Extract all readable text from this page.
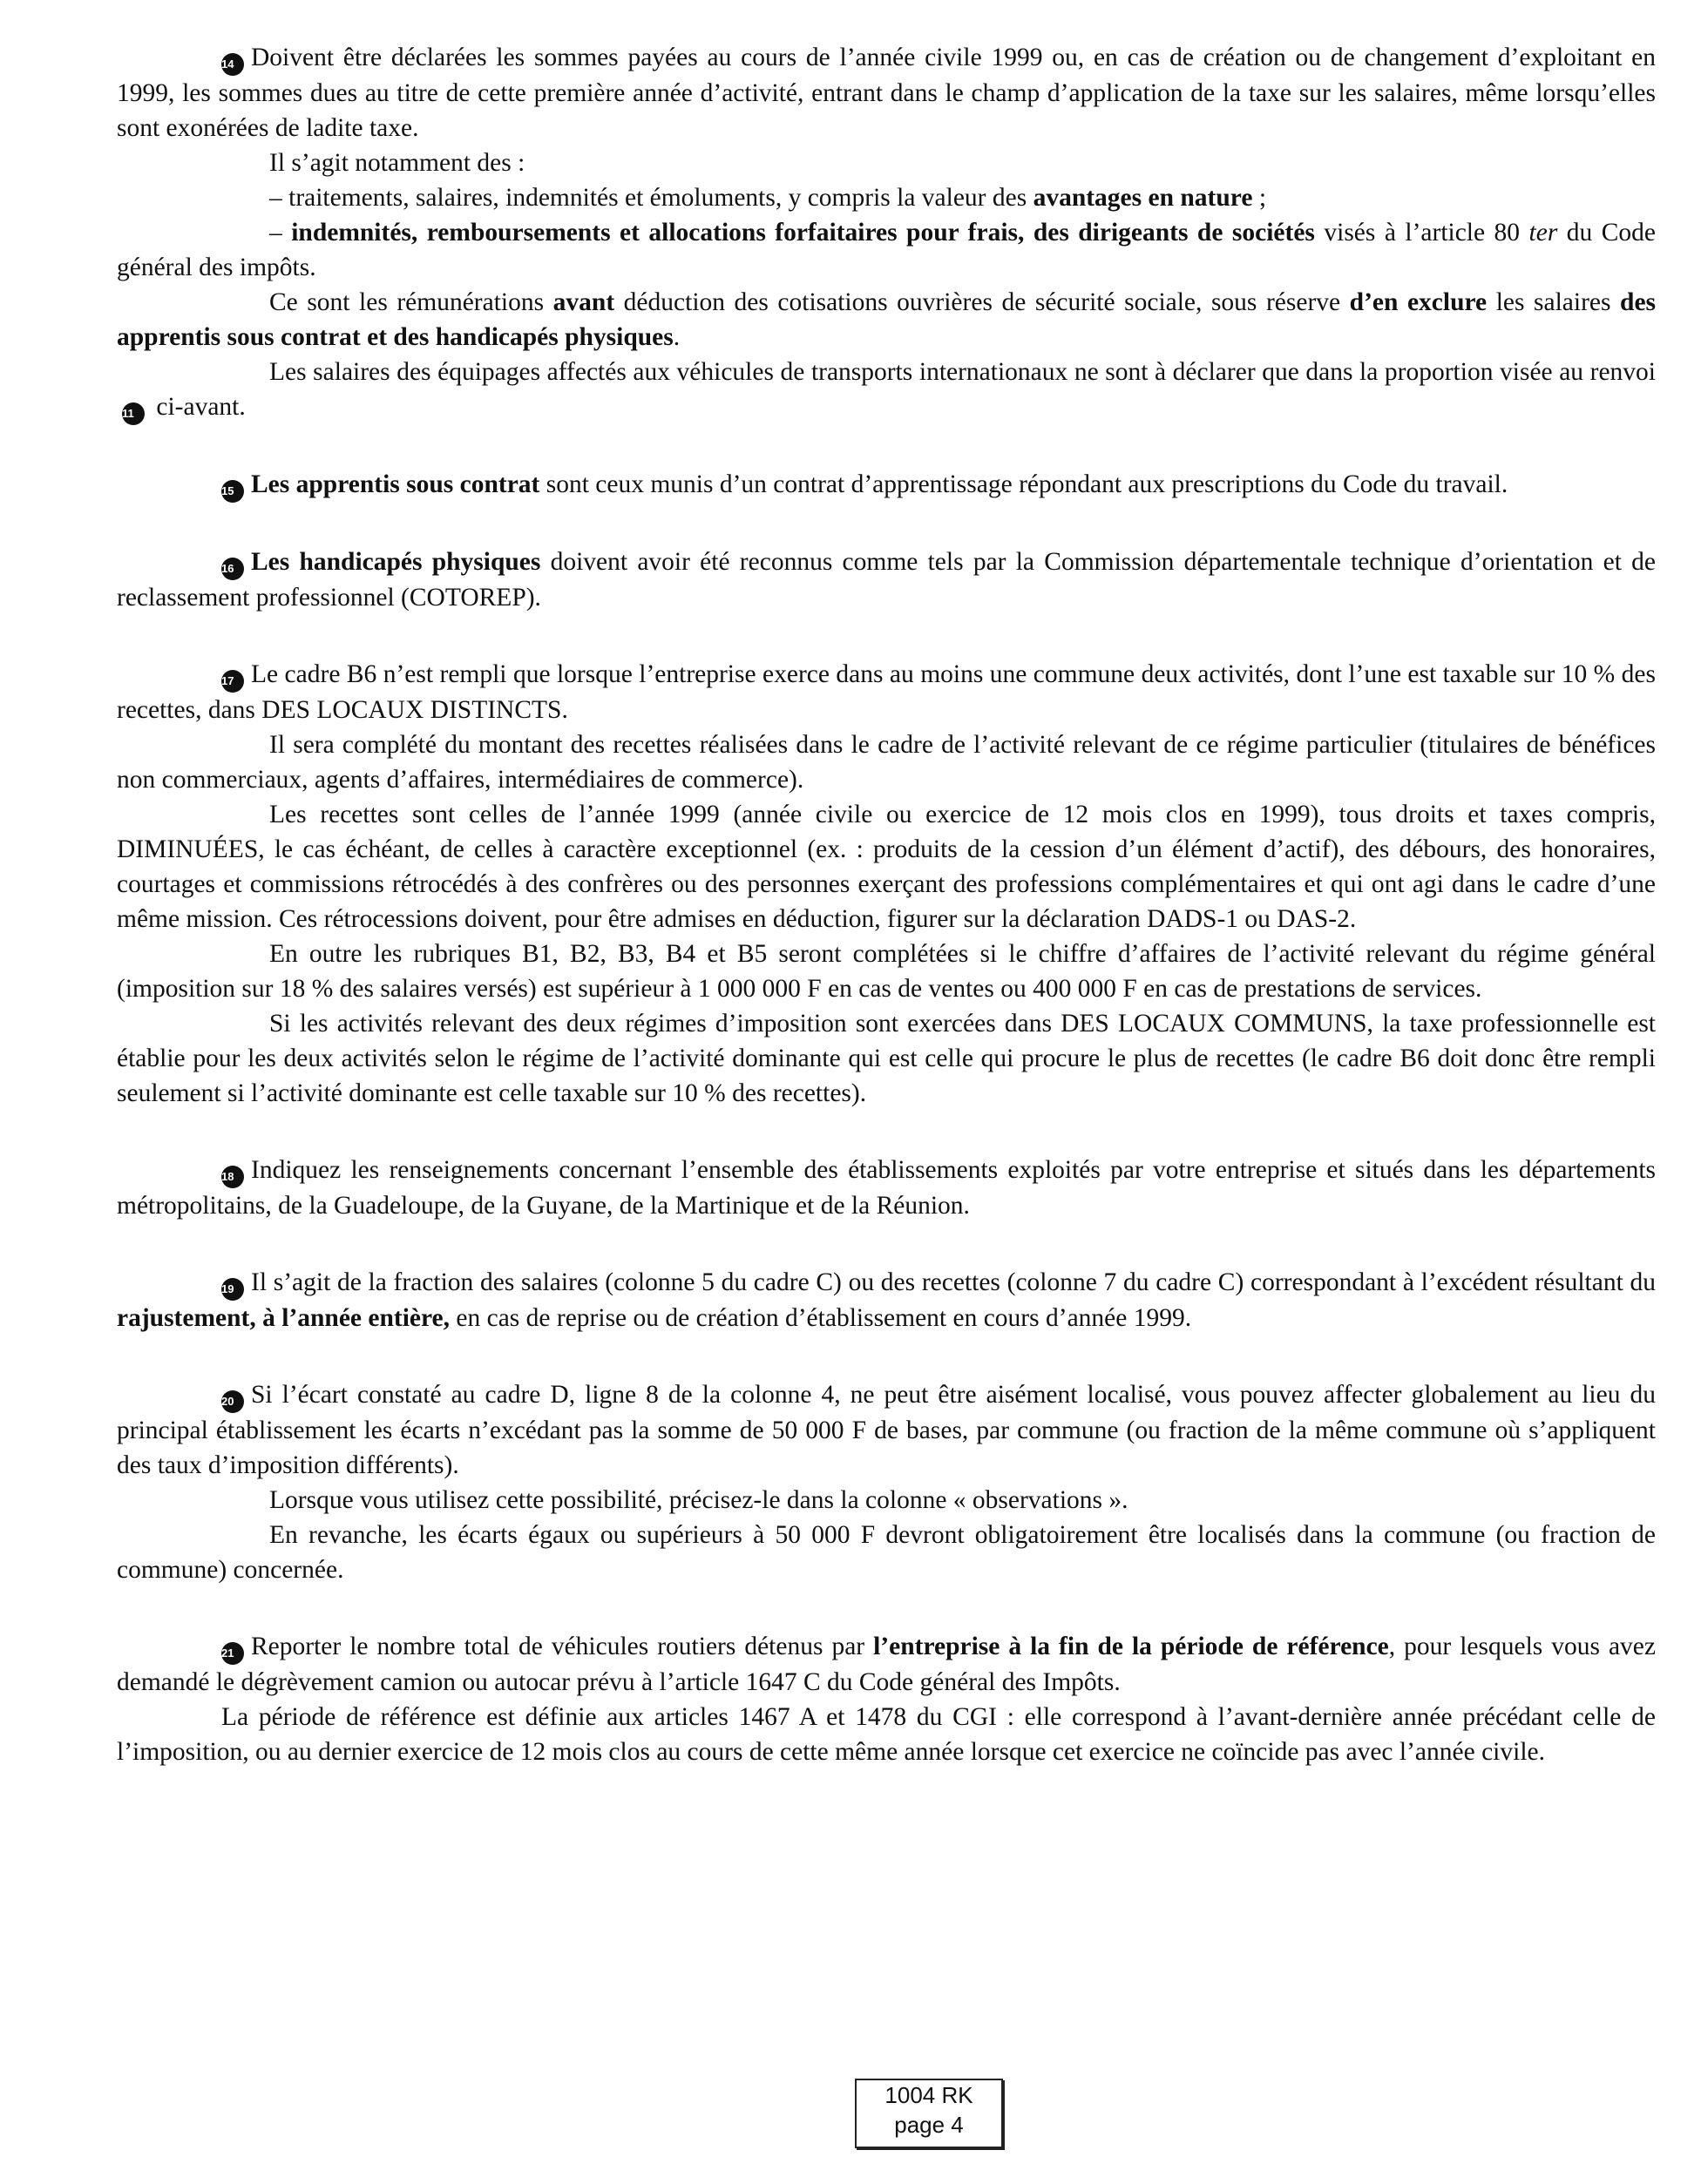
14 Doivent être déclarées les sommes payées au cours de l’année civile 1999 ou, en cas de création ou de changement d’exploitant en 1999, les sommes dues au titre de cette première année d’activité, entrant dans le champ d’application de la taxe sur les salaires, même lorsqu’elles sont exonérées de ladite taxe.

Il s’agit notamment des :

– traitements, salaires, indemnités et émoluments, y compris la valeur des avantages en nature ;

– indemnités, remboursements et allocations forfaitaires pour frais, des dirigeants de sociétés visés à l’article 80 ter du Code général des impôts.

Ce sont les rémunérations avant déduction des cotisations ouvrières de sécurité sociale, sous réserve d’en exclure les salaires des apprentis sous contrat et des handicapés physiques.

Les salaires des équipages affectés aux véhicules de transports internationaux ne sont à déclarer que dans la proportion visée au renvoi 11 ci-avant.

15 Les apprentis sous contrat sont ceux munis d’un contrat d’apprentissage répondant aux prescriptions du Code du travail.

16 Les handicapés physiques doivent avoir été reconnus comme tels par la Commission départementale technique d’orientation et de reclassement professionnel (COTOREP).

17 Le cadre B6 n’est rempli que lorsque l’entreprise exerce dans au moins une commune deux activités, dont l’une est taxable sur 10 % des recettes, dans DES LOCAUX DISTINCTS.

Il sera complété du montant des recettes réalisées dans le cadre de l’activité relevant de ce régime particulier (titulaires de bénéfices non commerciaux, agents d’affaires, intermédiaires de commerce).

Les recettes sont celles de l’année 1999 (année civile ou exercice de 12 mois clos en 1999), tous droits et taxes compris, DIMINUÉES, le cas échéant, de celles à caractère exceptionnel (ex. : produits de la cession d’un élément d’actif), des débours, des honoraires, courtages et commissions rétrocédés à des confrères ou des personnes exerçant des professions complémentaires et qui ont agi dans le cadre d’une même mission. Ces rétrocessions doivent, pour être admises en déduction, figurer sur la déclaration DADS-1 ou DAS-2.

En outre les rubriques B1, B2, B3, B4 et B5 seront complétées si le chiffre d’affaires de l’activité relevant du régime général (imposition sur 18 % des salaires versés) est supérieur à 1 000 000 F en cas de ventes ou 400 000 F en cas de prestations de services.

Si les activités relevant des deux régimes d’imposition sont exercées dans DES LOCAUX COMMUNS, la taxe professionnelle est établie pour les deux activités selon le régime de l’activité dominante qui est celle qui procure le plus de recettes (le cadre B6 doit donc être rempli seulement si l’activité dominante est celle taxable sur 10 % des recettes).

18 Indiquez les renseignements concernant l’ensemble des établissements exploités par votre entreprise et situés dans les départements métropolitains, de la Guadeloupe, de la Guyane, de la Martinique et de la Réunion.

19 Il s’agit de la fraction des salaires (colonne 5 du cadre C) ou des recettes (colonne 7 du cadre C) correspondant à l’excédent résultant du rajustement, à l’année entière, en cas de reprise ou de création d’établissement en cours d’année 1999.

20 Si l’écart constaté au cadre D, ligne 8 de la colonne 4, ne peut être aisément localisé, vous pouvez affecter globalement au lieu du principal établissement les écarts n’excédant pas la somme de 50 000 F de bases, par commune (ou fraction de la même commune où s’appliquent des taux d’imposition différents).

Lorsque vous utilisez cette possibilité, précisez-le dans la colonne « observations ».

En revanche, les écarts égaux ou supérieurs à 50 000 F devront obligatoirement être localisés dans la commune (ou fraction de commune) concernée.

21 Reporter le nombre total de véhicules routiers détenus par l’entreprise à la fin de la période de référence, pour lesquels vous avez demandé le dégrèvement camion ou autocar prévu à l’article 1647 C du Code général des Impôts.

La période de référence est définie aux articles 1467 A et 1478 du CGI : elle correspond à l’avant-dernière année précédant celle de l’imposition, ou au dernier exercice de 12 mois clos au cours de cette même année lorsque cet exercice ne coïncide pas avec l’année civile.

1004 RK
page 4
